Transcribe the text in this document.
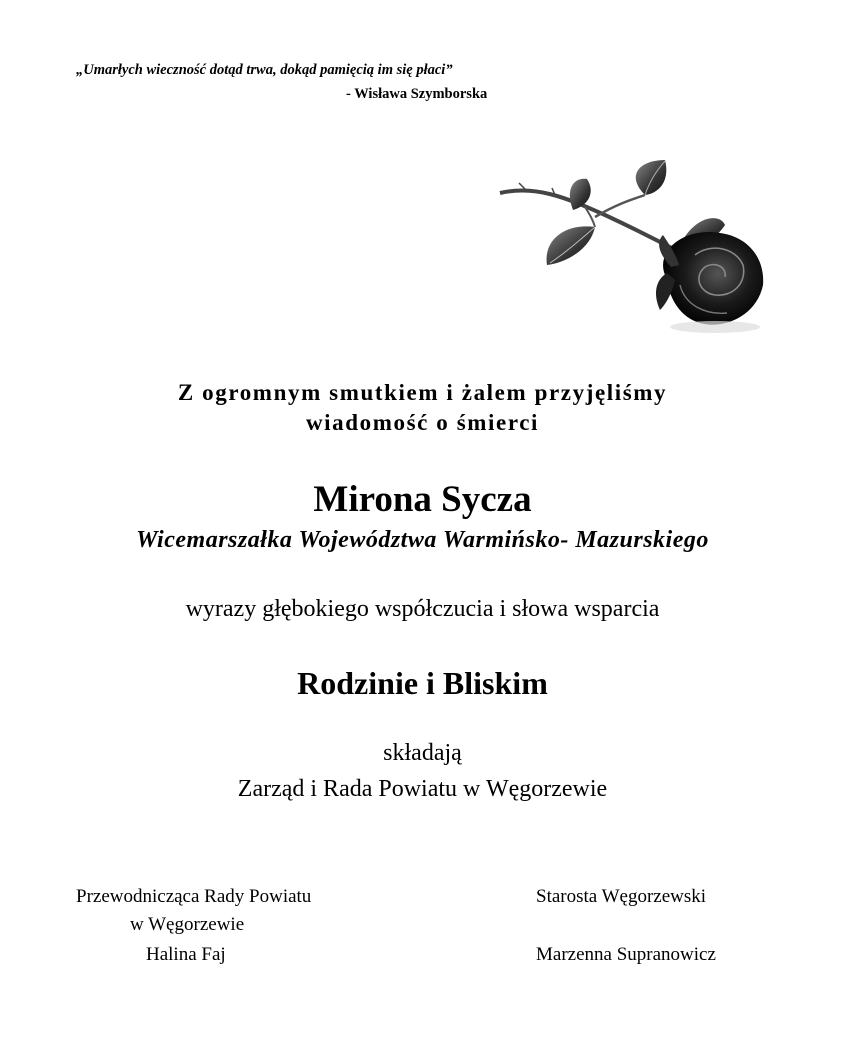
„Umarłych wieczność dotąd trwa, dokąd pamięcią im się płaci”
- Wisława Szymborska
Z ogromnym smutkiem i żalem przyjęliśmy
wiadomość o śmierci
Mirona Sycza
Wicemarszałka Województwa Warmińsko- Mazurskiego
wyrazy głębokiego współczucia i słowa wsparcia
Rodzinie i Bliskim
składają
Zarząd i Rada Powiatu w Węgorzewie
Przewodnicząca Rady Powiatu
w Węgorzewie
Halina Faj
Starosta Węgorzewski
Marzenna Supranowicz
